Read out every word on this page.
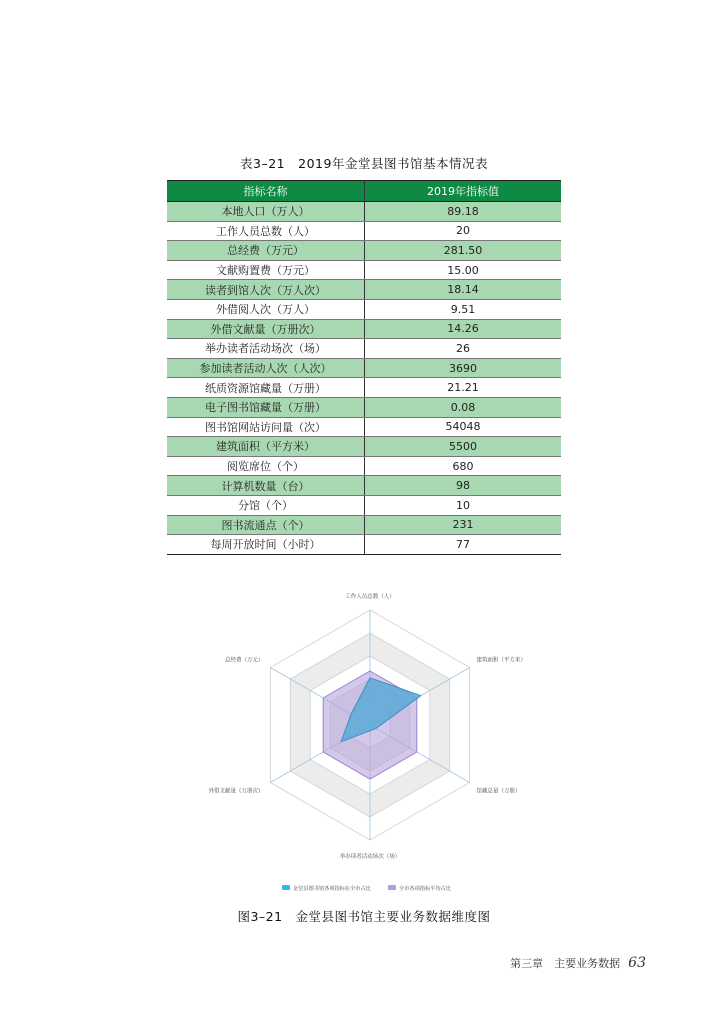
表3–21　2019年金堂县图书馆基本情况表
指标名称	2019年指标值
本地人口（万人）	89.18
工作人员总数（人）	20
总经费（万元）	281.50
文献购置费（万元）	15.00
读者到馆人次（万人次）	18.14
外借阅人次（万人）	9.51
外借文献量（万册次）	14.26
举办读者活动场次（场）	26
参加读者活动人次（人次）	3690
纸质资源馆藏量（万册）	21.21
电子图书馆藏量（万册）	0.08
图书馆网站访问量（次）	54048
建筑面积（平方米）	5500
阅览席位（个）	680
计算机数量（台）	98
分馆（个）	10
图书流通点（个）	231
每周开放时间（小时）	77
工作人员总数（人）
建筑面积（平方米）
馆藏总量（万册）
举办读者活动场次（场）
外借文献量（万册次）
总经费（万元）
金堂县图书馆各项指标在全市占比	全市各项指标平均占比
图3–21　金堂县图书馆主要业务数据维度图
第三章　主要业务数据 63
